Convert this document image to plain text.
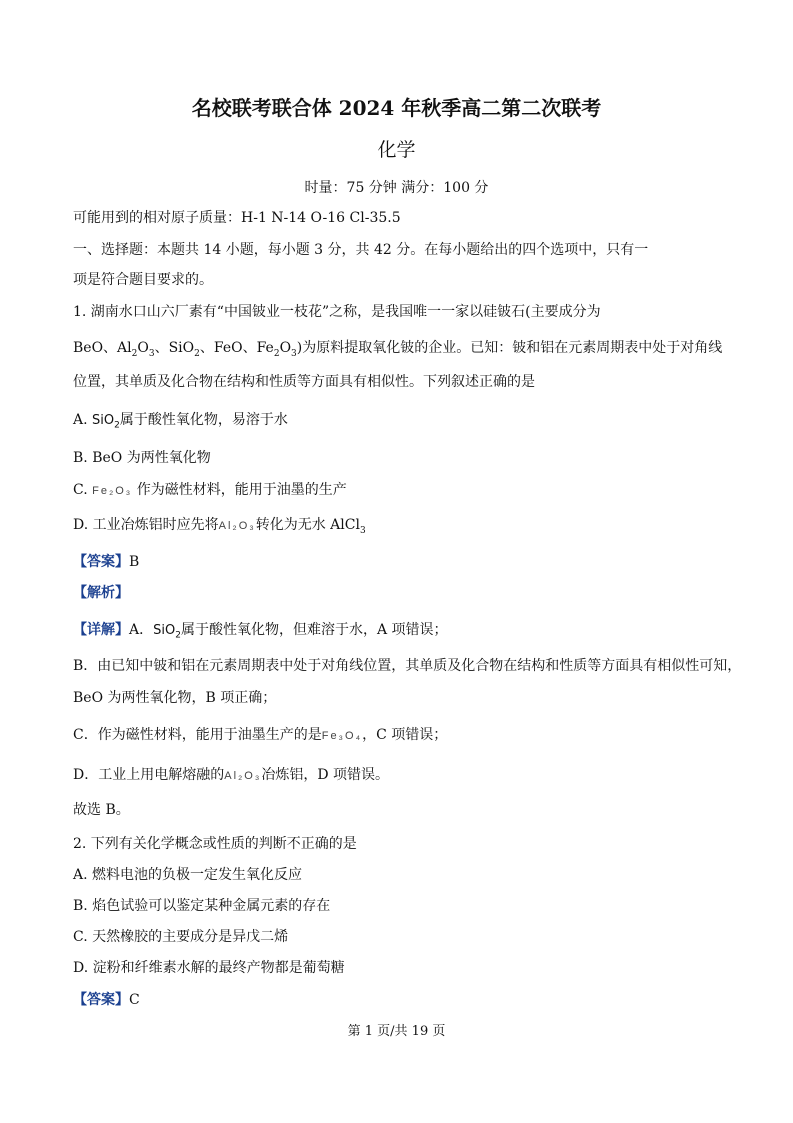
名校联考联合体 2024 年秋季高二第二次联考
化学
时量：75 分钟 满分：100 分
可能用到的相对原子质量：H-1 N-14 O-16 Cl-35.5
一、选择题：本题共 14 小题，每小题 3 分，共 42 分。在每小题给出的四个选项中，只有一
项是符合题目要求的。
1. 湖南水口山六厂素有“中国铍业一枝花”之称，是我国唯一一家以硅铍石(主要成分为
BeO、$Al_2O_3$、SiO$_2$、FeO、$Fe_2O_3$)为原料提取氧化铍的企业。已知：铍和铝在元素周期表中处于对角线
位置，其单质及化合物在结构和性质等方面具有相似性。下列叙述正确的是
A. SiO$_2$属于酸性氧化物，易溶于水
B. BeO 为两性氧化物
C. Fe₂O₃ 作为磁性材料，能用于油墨的生产
D. 工业冶炼铝时应先将Al₂O₃转化为无水 AlCl$_3$
【答案】B
【解析】
【详解】A．SiO$_2$属于酸性氧化物，但难溶于水，A 项错误；
B．由已知中铍和铝在元素周期表中处于对角线位置，其单质及化合物在结构和性质等方面具有相似性可知，
BeO 为两性氧化物，B 项正确；
C．作为磁性材料，能用于油墨生产的是Fe₃O₄，C 项错误；
D．工业上用电解熔融的Al₂O₃冶炼铝，D 项错误。
故选 B。
2. 下列有关化学概念或性质的判断不正确的是
A. 燃料电池的负极一定发生氧化反应
B. 焰色试验可以鉴定某种金属元素的存在
C. 天然橡胶的主要成分是异戊二烯
D. 淀粉和纤维素水解的最终产物都是葡萄糖
【答案】C
第 1 页/共 19 页
